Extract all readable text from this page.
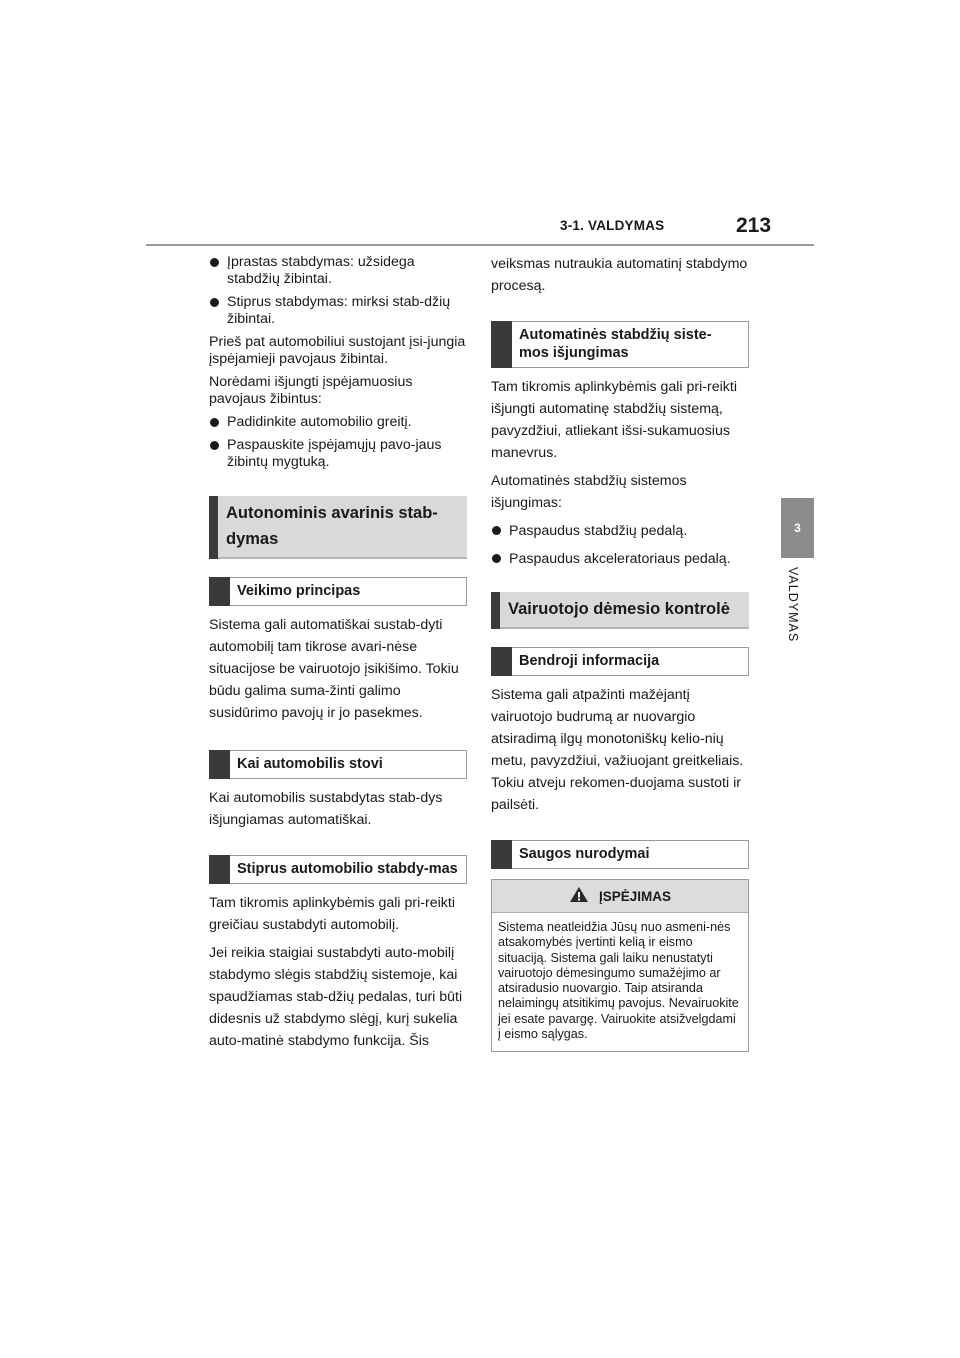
3-1. VALDYMAS	213
3
VALDYMAS
Įprastas stabdymas: užsidega stabdžių žibintai.
Stiprus stabdymas: mirksi stab-džių žibintai.
Prieš pat automobiliui sustojant įsi-jungia įspėjamieji pavojaus žibintai.
Norėdami išjungti įspėjamuosius pavojaus žibintus:
Padidinkite automobilio greitį.
Paspauskite įspėjamųjų pavo-jaus žibintų mygtuką.
Autonominis avarinis stab-dymas
Veikimo principas
Sistema gali automatiškai sustab-dyti automobilį tam tikrose avari-nėse situacijose be vairuotojo įsikišimo. Tokiu būdu galima suma-žinti galimo susidūrimo pavojų ir jo pasekmes.
Kai automobilis stovi
Kai automobilis sustabdytas stab-dys išjungiamas automatiškai.
Stiprus automobilio stabdy-mas
Tam tikromis aplinkybėmis gali pri-reikti greičiau sustabdyti automobilį.
Jei reikia staigiai sustabdyti auto-mobilį stabdymo slėgis stabdžių sistemoje, kai spaudžiamas stab-džių pedalas, turi būti didesnis už stabdymo slėgį, kurį sukelia auto-matinė stabdymo funkcija. Šis
veiksmas nutraukia automatinį stabdymo procesą.
Automatinės stabdžių siste-mos išjungimas
Tam tikromis aplinkybėmis gali pri-reikti išjungti automatinę stabdžių sistemą, pavyzdžiui, atliekant išsi-sukamuosius manevrus.
Automatinės stabdžių sistemos išjungimas:
Paspaudus stabdžių pedalą.
Paspaudus akceleratoriaus pedalą.
Vairuotojo dėmesio kontrolė
Bendroji informacija
Sistema gali atpažinti mažėjantį vairuotojo budrumą ar nuovargio atsiradimą ilgų monotoniškų kelio-nių metu, pavyzdžiui, važiuojant greitkeliais. Tokiu atveju rekomen-duojama sustoti ir pailsėti.
Saugos nurodymai
ĮSPĖJIMAS
Sistema neatleidžia Jūsų nuo asmeni-nės atsakomybės įvertinti kelią ir eismo situaciją. Sistema gali laiku nenustatyti vairuotojo dėmesingumo sumažėjimo ar atsiradusio nuovargio. Taip atsiranda nelaimingų atsitikimų pavojus. Nevairuokite jei esate pavargę. Vairuokite atsižvelgdami į eismo sąlygas.
